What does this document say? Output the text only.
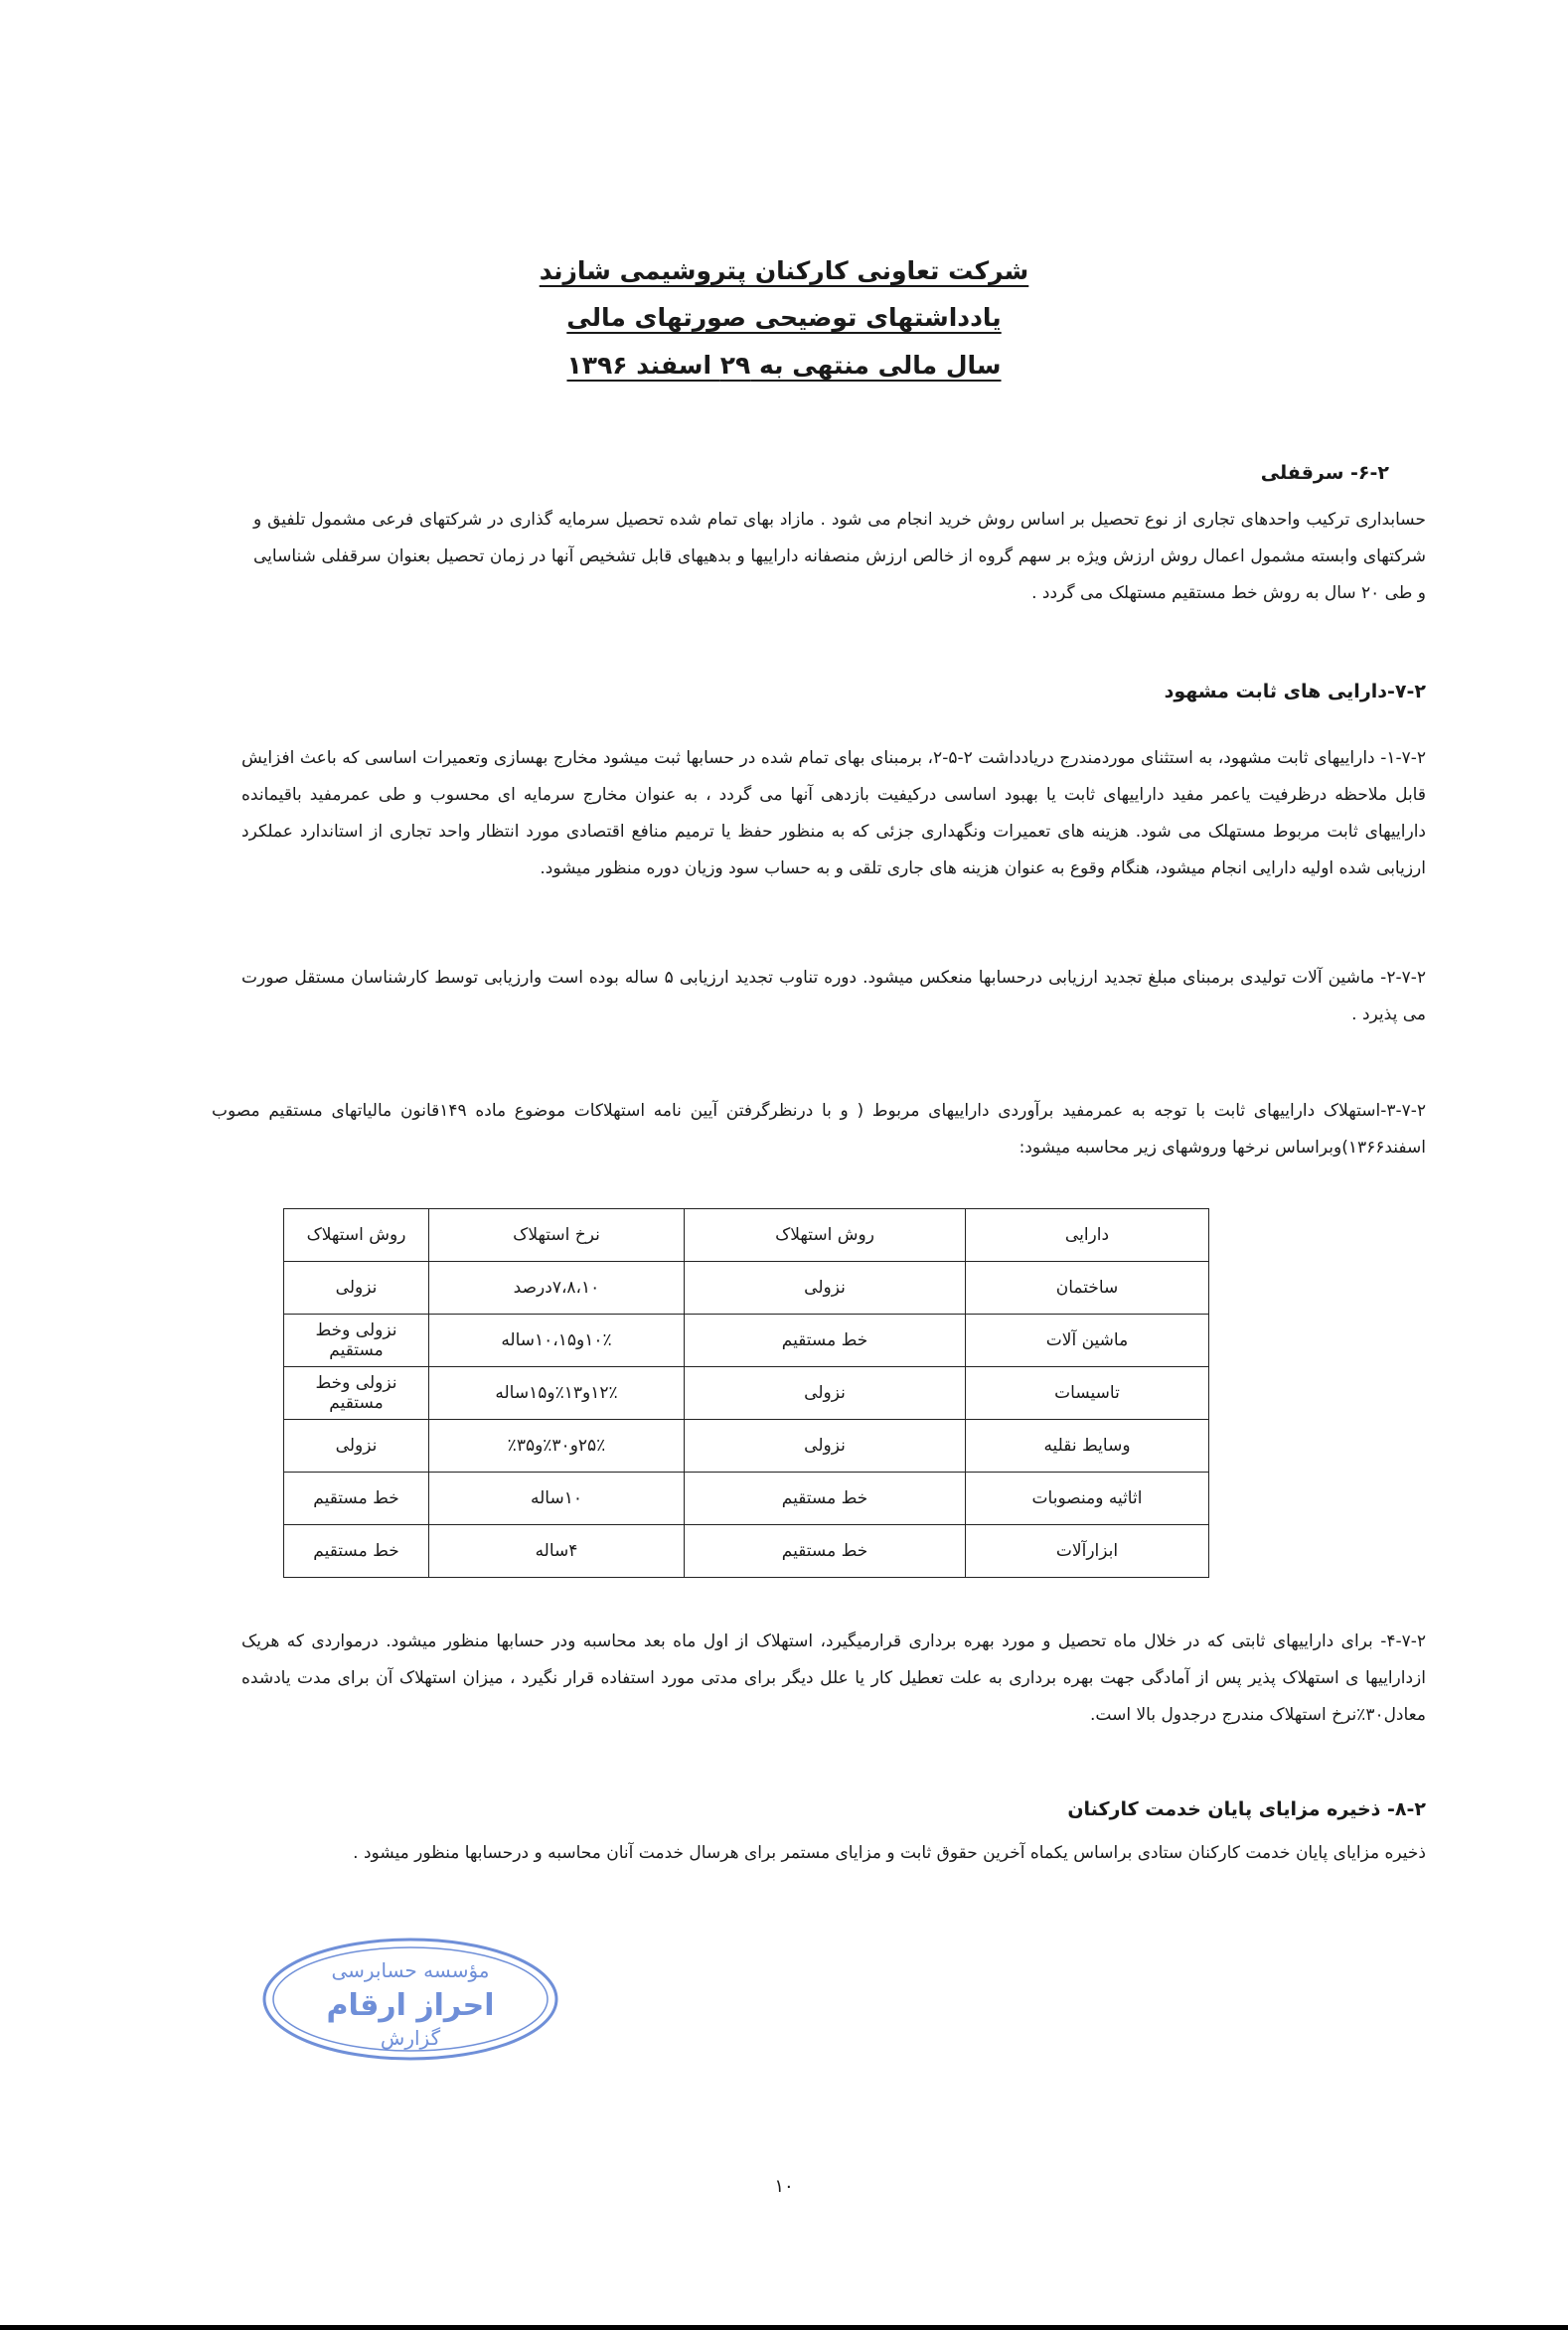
شرکت تعاونی کارکنان پتروشیمی شازند
یادداشتهای توضیحی صورتهای مالی
سال مالی منتهی به ۲۹ اسفند ۱۳۹۶
۶-۲- سرقفلی
حسابداری ترکیب واحدهای تجاری از نوع تحصیل بر اساس روش خرید انجام می شود . مازاد بهای تمام شده تحصیل سرمایه گذاری در شرکتهای فرعی مشمول تلفیق و شرکتهای وابسته مشمول اعمال روش ارزش ویژه بر سهم گروه از خالص ارزش منصفانه داراییها و بدهیهای قابل تشخیص آنها در زمان تحصیل بعنوان سرقفلی شناسایی و طی ۲۰ سال به روش خط مستقیم مستهلک می گردد .
۷-۲-دارایی های ثابت مشهود
۱-۷-۲- داراییهای ثابت مشهود، به استثنای موردمندرج دریادداشت ۲-۵-۲، برمبنای بهای تمام شده در حسابها ثبت میشود مخارج بهسازی وتعمیرات اساسی که باعث افزایش قابل ملاحظه درظرفیت یاعمر مفید داراییهای ثابت یا بهبود اساسی درکیفیت بازدهی آنها می گردد ، به عنوان مخارج سرمایه ای محسوب و طی عمرمفید باقیمانده داراییهای ثابت مربوط مستهلک می شود. هزینه های تعمیرات ونگهداری جزئی که به منظور حفظ یا ترمیم منافع اقتصادی مورد انتظار واحد تجاری از استاندارد عملکرد ارزیابی شده اولیه دارایی انجام میشود، هنگام وقوع به عنوان هزینه های جاری تلقی و به حساب سود وزیان دوره منظور میشود.
۲-۷-۲- ماشین آلات تولیدی برمبنای مبلغ تجدید ارزیابی درحسابها منعکس میشود. دوره تناوب تجدید ارزیابی ۵ ساله بوده است وارزیابی توسط کارشناسان مستقل صورت می پذیرد .
۳-۷-۲-استهلاک داراییهای ثابت با توجه به عمرمفید برآوردی داراییهای مربوط ( و با درنظرگرفتن آیین نامه استهلاکات موضوع ماده ۱۴۹قانون مالیاتهای مستقیم مصوب اسفند۱۳۶۶)وبراساس نرخها وروشهای زیر محاسبه میشود:
دارایی	روش استهلاک	نرخ استهلاک	روش استهلاک
ساختمان	نزولی	۷،۸،۱۰درصد	نزولی
ماشین آلات	خط مستقیم	۱۰٪و۱۰،۱۵ساله	نزولی وخط مستقیم
تاسیسات	نزولی	۱۲٪و۱۳٪و۱۵ساله	نزولی وخط مستقیم
وسایط نقلیه	نزولی	۲۵٪و۳۰٪و۳۵٪	نزولی
اثاثیه ومنصوبات	خط مستقیم	۱۰ساله	خط مستقیم
ابزارآلات	خط مستقیم	۴ساله	خط مستقیم
۴-۷-۲- برای داراییهای ثابتی که در خلال ماه تحصیل و مورد بهره برداری قرارمیگیرد، استهلاک از اول ماه بعد محاسبه ودر حسابها منظور میشود. درمواردی که هریک ازداراییها ی استهلاک پذیر پس از آمادگی جهت بهره برداری به علت تعطیل کار یا علل دیگر برای مدتی مورد استفاده قرار نگیرد ، میزان استهلاک آن برای مدت یادشده معادل۳۰٪نرخ استهلاک مندرج درجدول بالا است.
۸-۲- ذخیره مزایای پایان خدمت کارکنان
ذخیره مزایای پایان خدمت کارکنان ستادی براساس یکماه آخرین حقوق ثابت و مزایای مستمر برای هرسال خدمت آنان محاسبه و درحسابها منظور میشود .
مؤسسه حسابرسی
احراز ارقام
گزارش
۱۰
